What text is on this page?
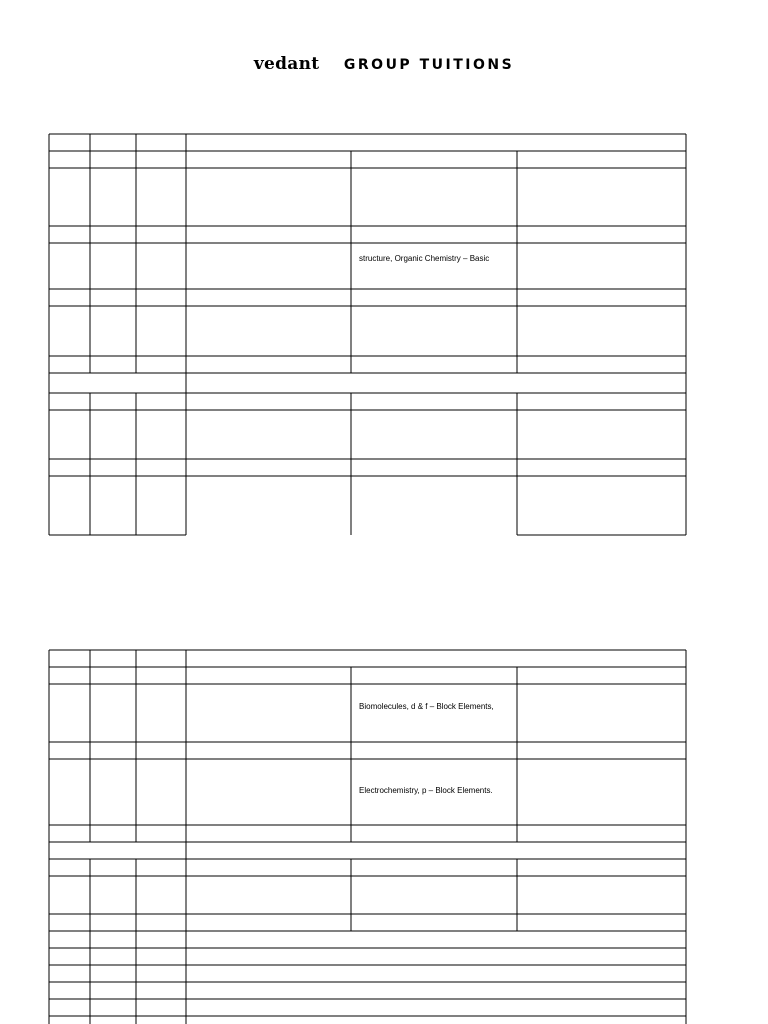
vedant GROUP TUITIONS
structure, Organic Chemistry – Basic
Biomolecules, d & f – Block Elements,
Electrochemistry, p – Block Elements.
